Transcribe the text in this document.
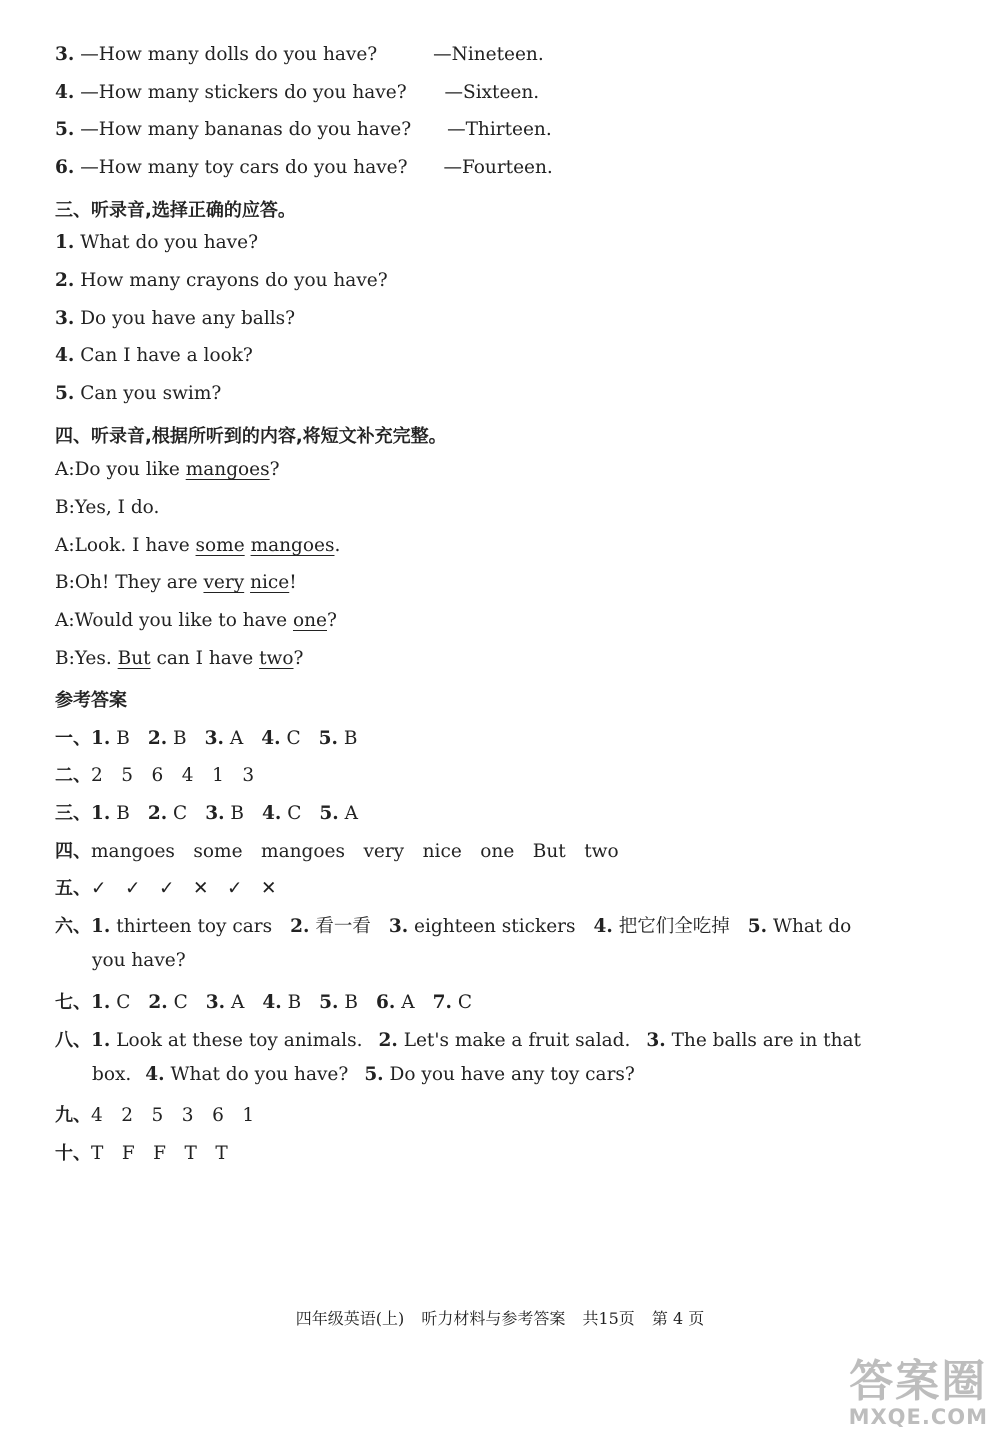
3. —How many dolls do you have?	—Nineteen.
4. —How many stickers do you have? —Sixteen.
5. —How many bananas do you have? —Thirteen.
6. —How many toy cars do you have? —Fourteen.
三、听录音,选择正确的应答。
1. What do you have?
2. How many crayons do you have?
3. Do you have any balls?
4. Can I have a look?
5. Can you swim?
四、听录音,根据所听到的内容,将短文补充完整。
A:Do you like mangoes?
B:Yes, I do.
A:Look. I have some mangoes.
B:Oh! They are very nice!
A:Would you like to have one?
B:Yes. But can I have two?
参考答案
一、1. B 2. B 3. A 4. C 5. B
二、2　5　6　4　1　3
三、1. B 2. C 3. B 4. C 5. A
四、mangoes　some　mangoes　very　nice　one　But　two
五、✓　✓　✓　✕　✓　✕
六、1. thirteen toy cars 2. 看一看 3. eighteen stickers 4. 把它们全吃掉 5. What do
you have?
七、1. C 2. C 3. A 4. B 5. B 6. A 7. C
八、1. Look at these toy animals. 2. Let's make a fruit salad. 3. The balls are in that
box. 4. What do you have? 5. Do you have any toy cars?
九、4　2　5　3　6　1
十、T　F　F　T　T
四年级英语(上) 听力材料与参考答案 共15页 第 4 页
答案圈
MXQE.COM
